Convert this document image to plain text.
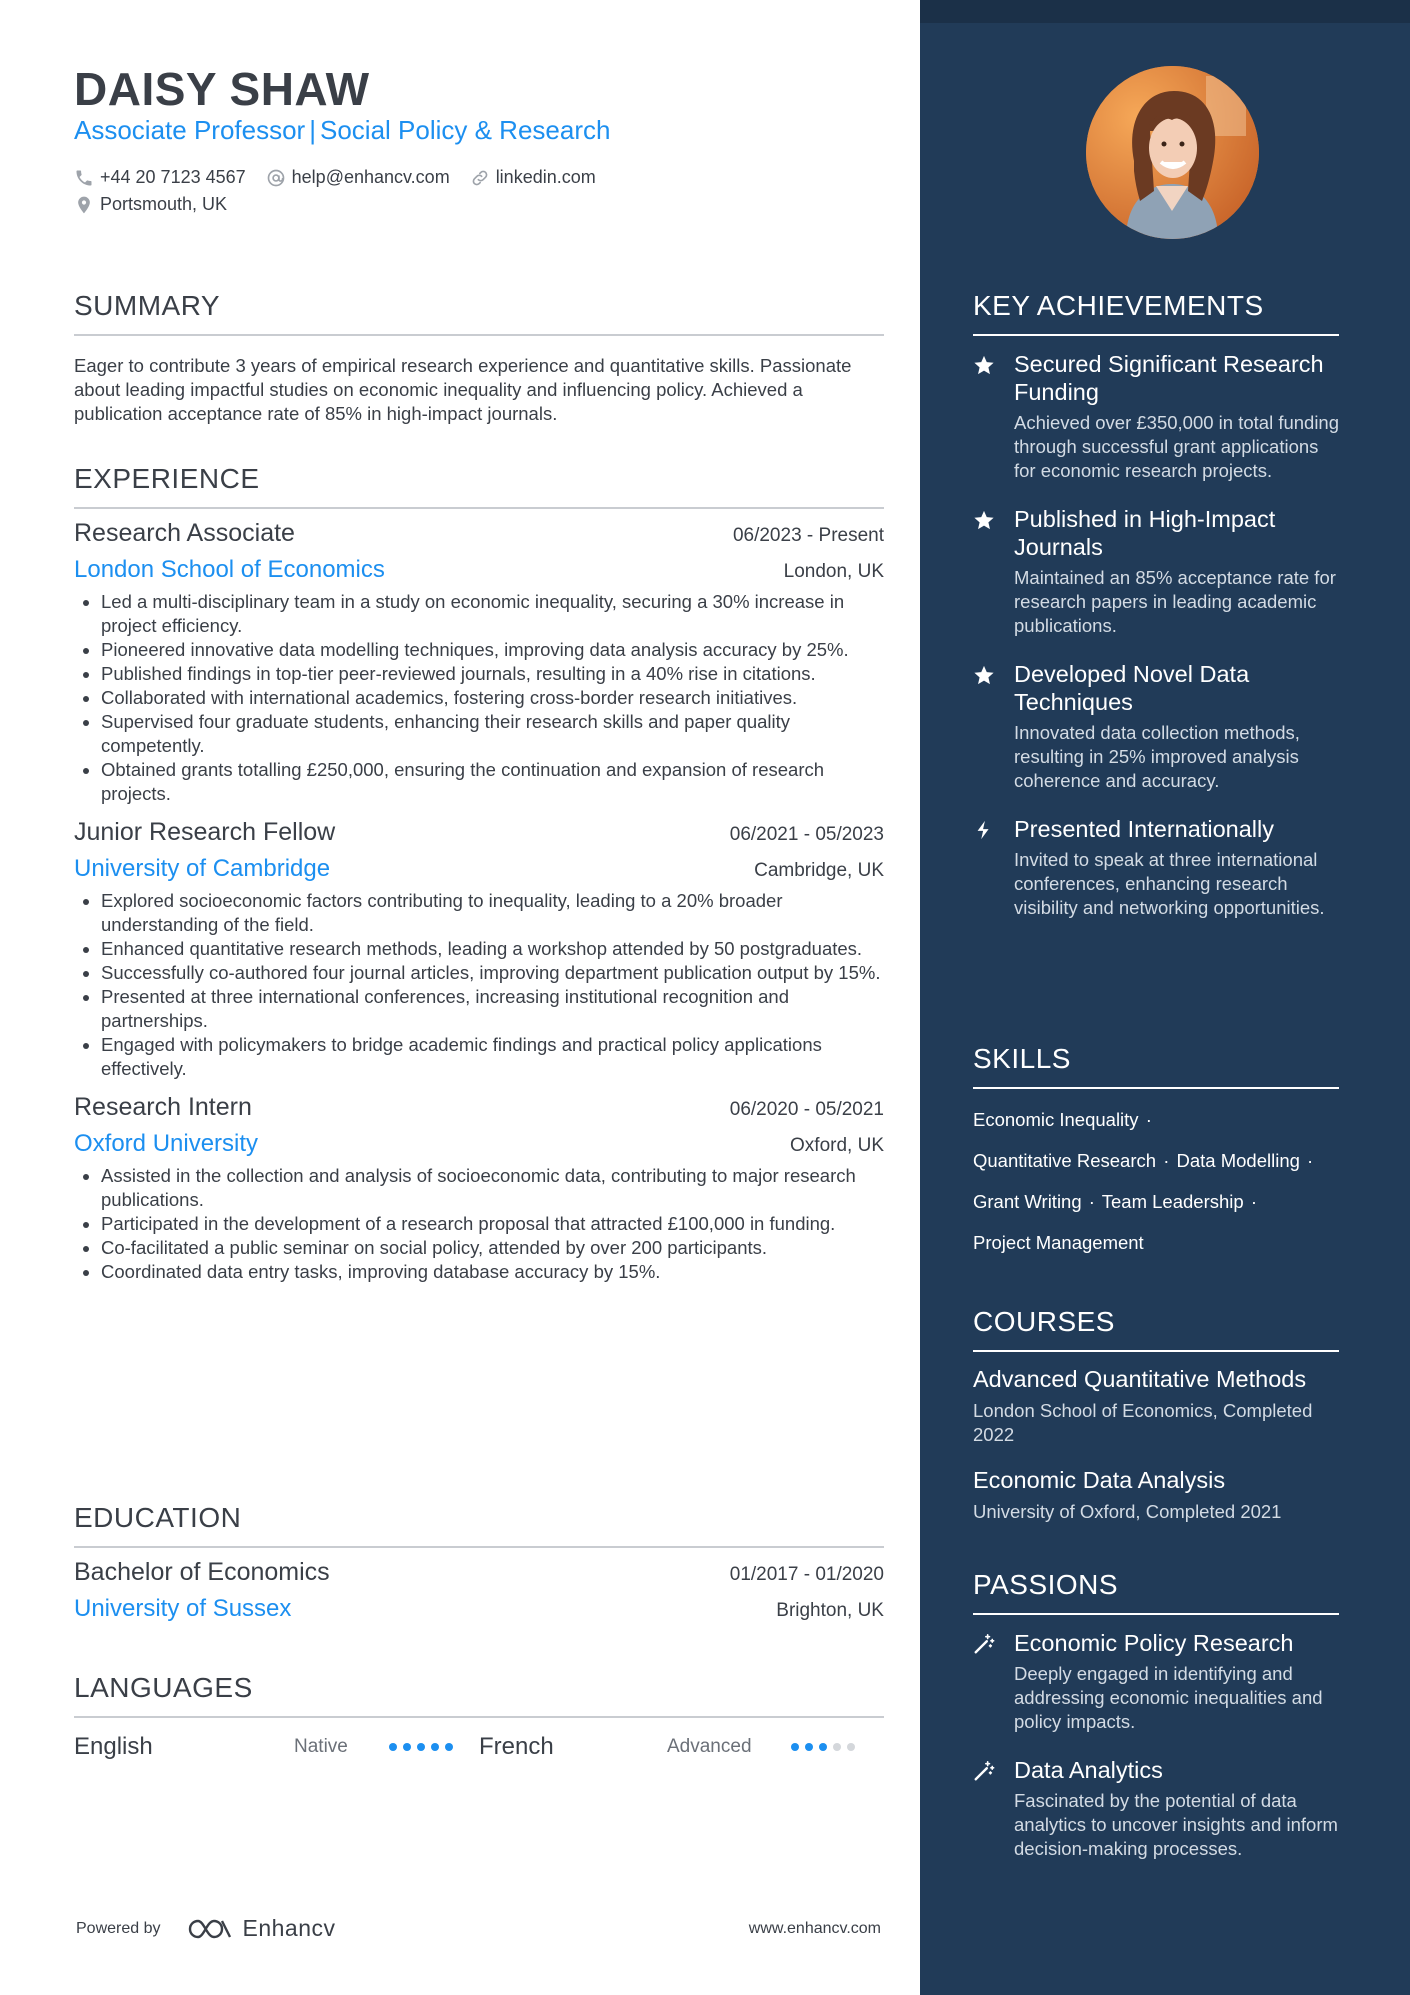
DAISY SHAW
Associate Professor | Social Policy & Research
+44 20 7123 4567	help@enhancv.com	linkedin.com
Portsmouth, UK
SUMMARY

Eager to contribute 3 years of empirical research experience and quantitative skills. Passionate about leading impactful studies on economic inequality and influencing policy. Achieved a publication acceptance rate of 85% in high-impact journals.

EXPERIENCE
Research Associate	06/2023 - Present
London School of Economics	London, UK
• Led a multi-disciplinary team in a study on economic inequality, securing a 30% increase in project efficiency.
• Pioneered innovative data modelling techniques, improving data analysis accuracy by 25%.
• Published findings in top-tier peer-reviewed journals, resulting in a 40% rise in citations.
• Collaborated with international academics, fostering cross-border research initiatives.
• Supervised four graduate students, enhancing their research skills and paper quality competently.
• Obtained grants totalling £250,000, ensuring the continuation and expansion of research projects.
Junior Research Fellow	06/2021 - 05/2023
University of Cambridge	Cambridge, UK
• Explored socioeconomic factors contributing to inequality, leading to a 20% broader understanding of the field.
• Enhanced quantitative research methods, leading a workshop attended by 50 postgraduates.
• Successfully co-authored four journal articles, improving department publication output by 15%.
• Presented at three international conferences, increasing institutional recognition and partnerships.
• Engaged with policymakers to bridge academic findings and practical policy applications effectively.
Research Intern	06/2020 - 05/2021
Oxford University	Oxford, UK
• Assisted in the collection and analysis of socioeconomic data, contributing to major research publications.
• Participated in the development of a research proposal that attracted £100,000 in funding.
• Co-facilitated a public seminar on social policy, attended by over 200 participants.
• Coordinated data entry tasks, improving database accuracy by 15%.
EDUCATION
Bachelor of Economics	01/2017 - 01/2020
University of Sussex	Brighton, UK
LANGUAGES
English	Native	French	Advanced
Powered by	Enhancv	www.enhancv.com
KEY ACHIEVEMENTS
Secured Significant Research Funding
Achieved over £350,000 in total funding through successful grant applications for economic research projects.
Published in High-Impact Journals
Maintained an 85% acceptance rate for research papers in leading academic publications.
Developed Novel Data Techniques
Innovated data collection methods, resulting in 25% improved analysis coherence and accuracy.
Presented Internationally
Invited to speak at three international conferences, enhancing research visibility and networking opportunities.
SKILLS
Economic Inequality ·
Quantitative Research · Data Modelling ·
Grant Writing · Team Leadership ·
Project Management
COURSES
Advanced Quantitative Methods
London School of Economics, Completed 2022
Economic Data Analysis
University of Oxford, Completed 2021
PASSIONS
Economic Policy Research
Deeply engaged in identifying and addressing economic inequalities and policy impacts.
Data Analytics
Fascinated by the potential of data analytics to uncover insights and inform decision-making processes.
